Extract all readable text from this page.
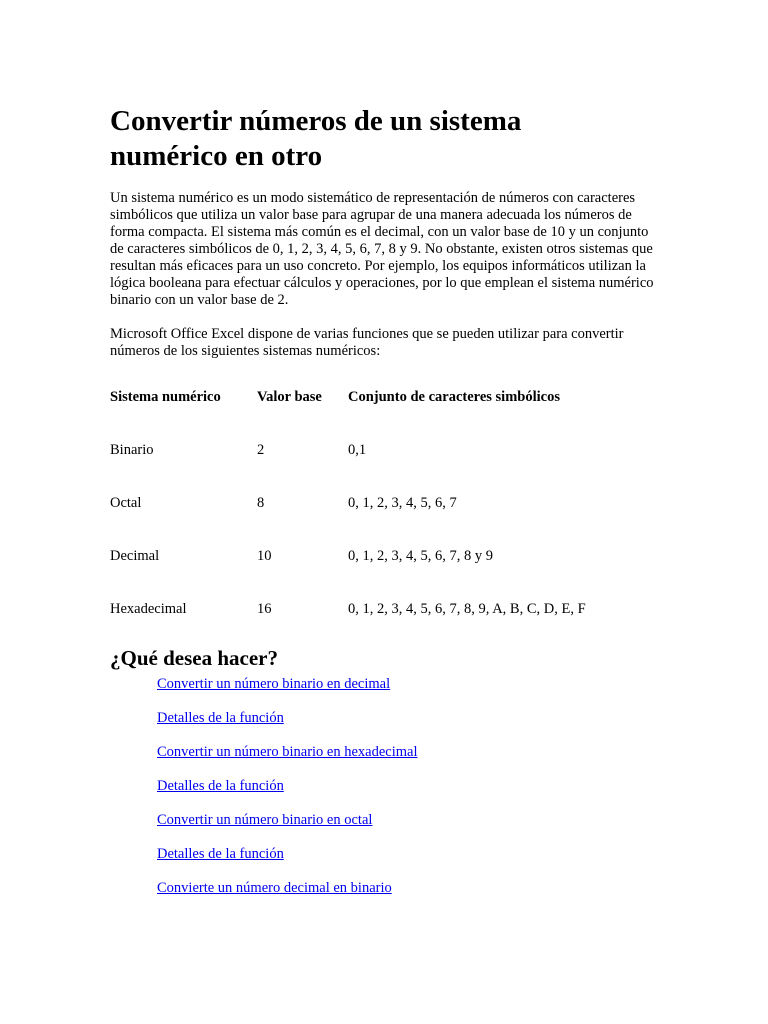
Convertir números de un sistema numérico en otro

Un sistema numérico es un modo sistemático de representación de números con caracteres simbólicos que utiliza un valor base para agrupar de una manera adecuada los números de forma compacta. El sistema más común es el decimal, con un valor base de 10 y un conjunto de caracteres simbólicos de 0, 1, 2, 3, 4, 5, 6, 7, 8 y 9. No obstante, existen otros sistemas que resultan más eficaces para un uso concreto. Por ejemplo, los equipos informáticos utilizan la lógica booleana para efectuar cálculos y operaciones, por lo que emplean el sistema numérico binario con un valor base de 2.

Microsoft Office Excel dispone de varias funciones que se pueden utilizar para convertir números de los siguientes sistemas numéricos:

Sistema numérico	Valor base	Conjunto de caracteres simbólicos
Binario	2	0,1
Octal	8	0, 1, 2, 3, 4, 5, 6, 7
Decimal	10	0, 1, 2, 3, 4, 5, 6, 7, 8 y 9
Hexadecimal	16	0, 1, 2, 3, 4, 5, 6, 7, 8, 9, A, B, C, D, E, F
¿Qué desea hacer?
Convertir un número binario en decimal
Detalles de la función
Convertir un número binario en hexadecimal
Detalles de la función
Convertir un número binario en octal
Detalles de la función
Convierte un número decimal en binario
